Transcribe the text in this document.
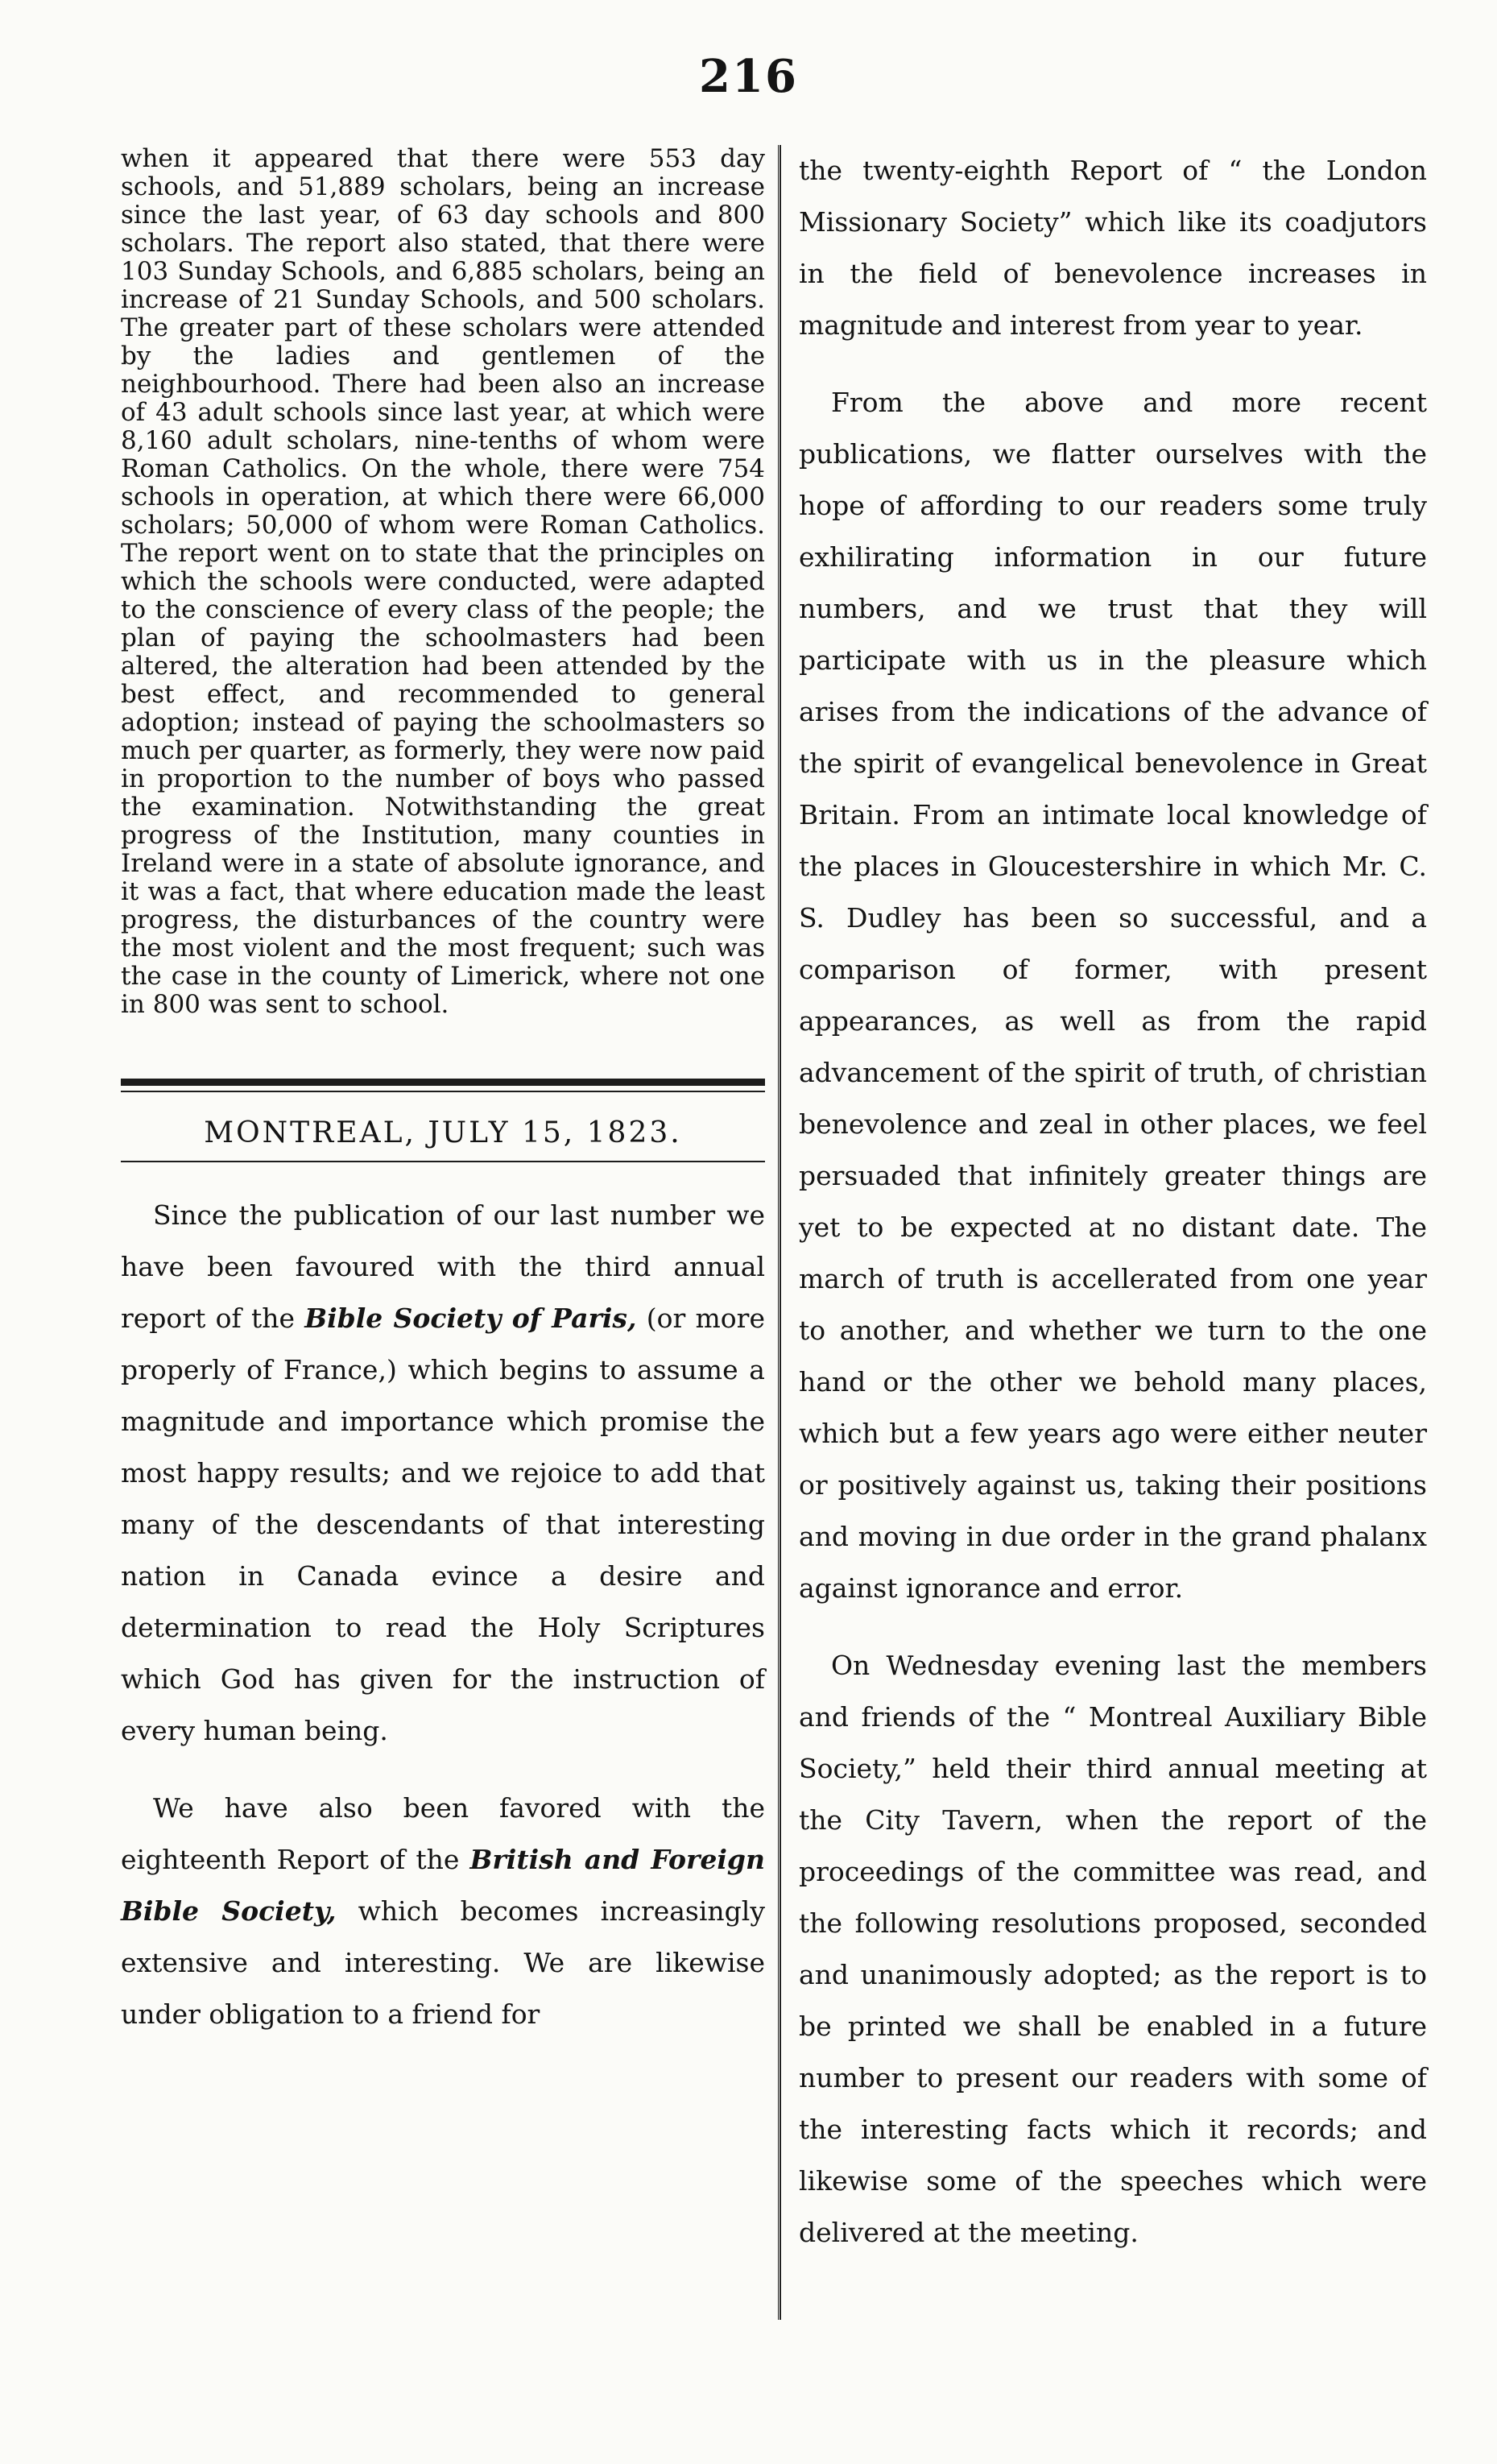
216

when it appeared that there were 553 day schools, and 51,889 scholars, being an increase since the last year, of 63 day schools and 800 scholars. The report also stated, that there were 103 Sunday Schools, and 6,885 scholars, being an increase of 21 Sunday Schools, and 500 scholars. The greater part of these scholars were attended by the ladies and gentlemen of the neighbourhood. There had been also an increase of 43 adult schools since last year, at which were 8,160 adult scholars, nine-tenths of whom were Roman Catholics. On the whole, there were 754 schools in operation, at which there were 66,000 scholars; 50,000 of whom were Roman Catholics. The report went on to state that the principles on which the schools were conducted, were adapted to the conscience of every class of the people; the plan of paying the schoolmasters had been altered, the alteration had been attended by the best effect, and recommended to general adoption; instead of paying the schoolmasters so much per quarter, as formerly, they were now paid in proportion to the number of boys who passed the examination. Notwithstanding the great progress of the Institution, many counties in Ireland were in a state of absolute ignorance, and it was a fact, that where education made the least progress, the disturbances of the country were the most violent and the most frequent; such was the case in the county of Limerick, where not one in 800 was sent to school.

MONTREAL, JULY 15, 1823.

Since the publication of our last number we have been favoured with the third annual report of the Bible Society of Paris, (or more properly of France,) which begins to assume a magnitude and importance which promise the most happy results; and we rejoice to add that many of the descendants of that interesting nation in Canada evince a desire and determination to read the Holy Scriptures which God has given for the instruction of every human being.

We have also been favored with the eighteenth Report of the British and Foreign Bible Society, which becomes increasingly extensive and interesting. We are likewise under obligation to a friend for

the twenty-eighth Report of “ the London Missionary Society” which like its coadjutors in the field of benevolence increases in magnitude and interest from year to year.

From the above and more recent publications, we flatter ourselves with the hope of affording to our readers some truly exhilirating information in our future numbers, and we trust that they will participate with us in the pleasure which arises from the indications of the advance of the spirit of evangelical benevolence in Great Britain. From an intimate local knowledge of the places in Gloucestershire in which Mr. C. S. Dudley has been so successful, and a comparison of former, with present appearances, as well as from the rapid advancement of the spirit of truth, of christian benevolence and zeal in other places, we feel persuaded that infinitely greater things are yet to be expected at no distant date. The march of truth is accellerated from one year to another, and whether we turn to the one hand or the other we behold many places, which but a few years ago were either neuter or positively against us, taking their positions and moving in due order in the grand phalanx against ignorance and error.

On Wednesday evening last the members and friends of the “ Montreal Auxiliary Bible Society,” held their third annual meeting at the City Tavern, when the report of the proceedings of the committee was read, and the following resolutions proposed, seconded and unanimously adopted; as the report is to be printed we shall be enabled in a future number to present our readers with some of the interesting facts which it records; and likewise some of the speeches which were delivered at the meeting.
